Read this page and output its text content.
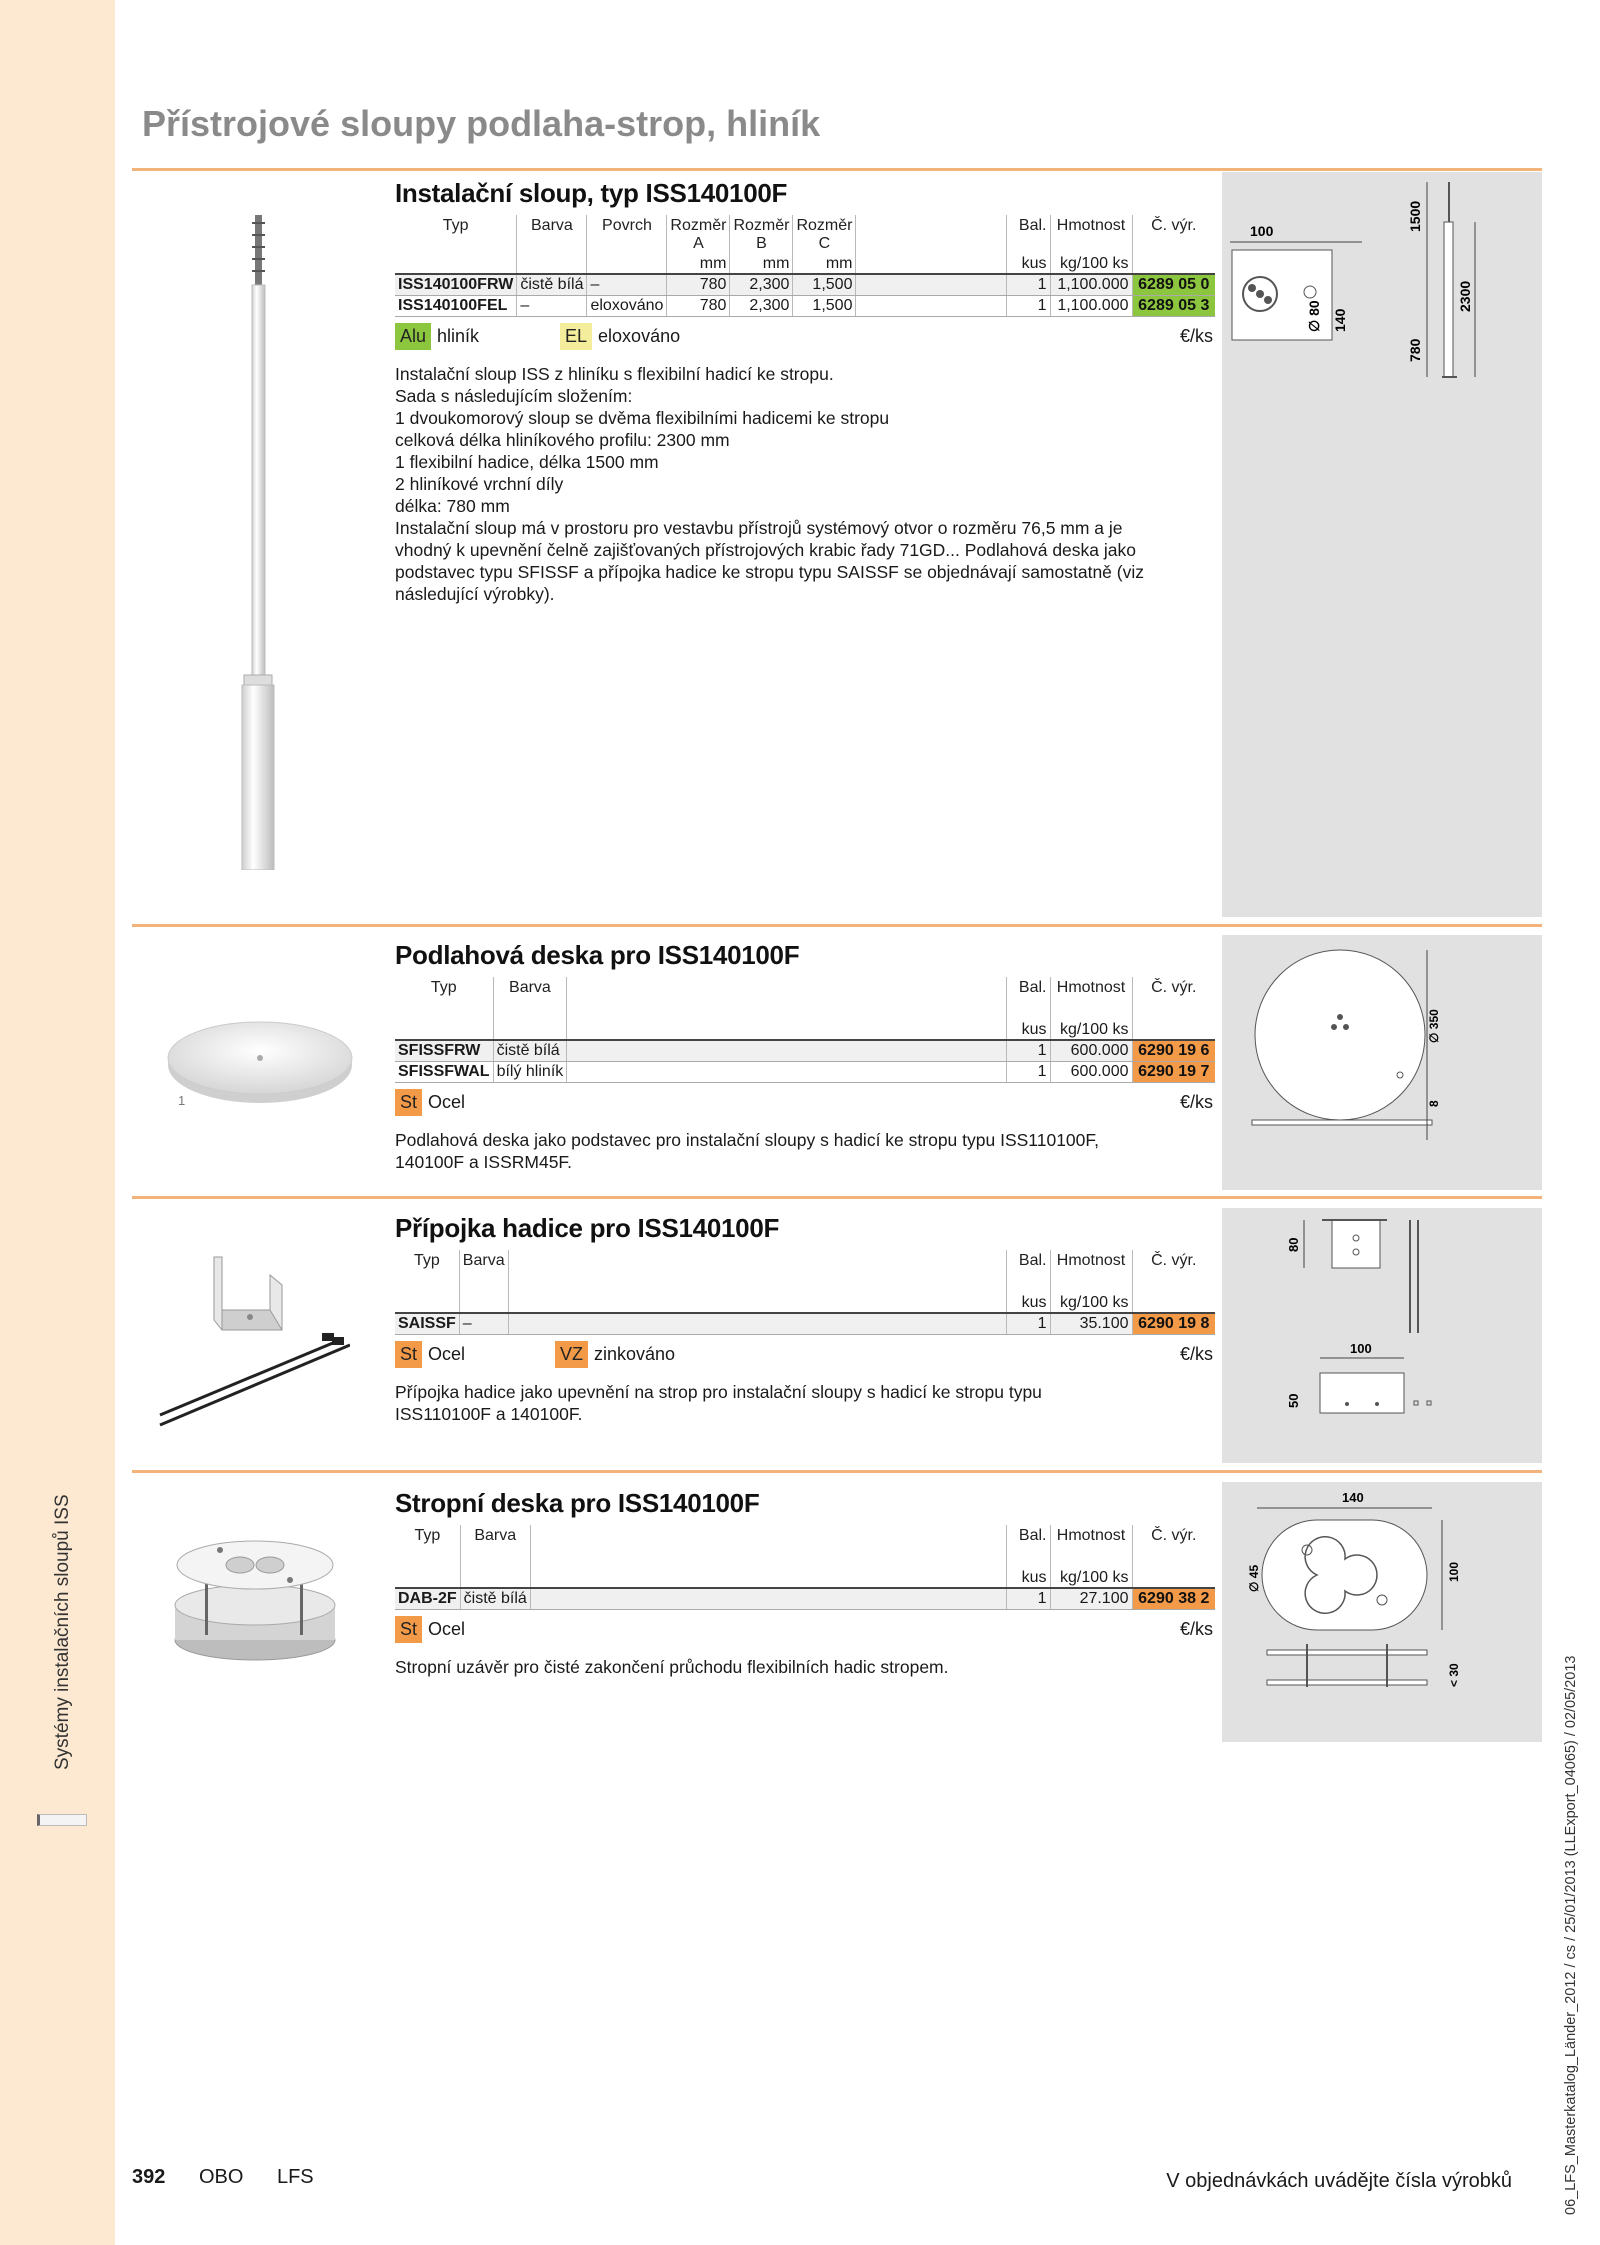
Systémy instalačních sloupů ISS
06_LFS_Masterkatalog_Länder_2012 / cs / 25/01/2013 (LLExport_04065) / 02/05/2013
Přístrojové sloupy podlaha-strop, hliník
1
Instalační sloup, typ ISS140100F
Typ	Barva	Povrch	Rozměr A	Rozměr B	Rozměr C		Bal.	Hmotnost	Č. výr.
			mm	mm	mm		kus	kg/100 ks	
ISS140100FRW	čistě bílá	–	780	2,300	1,500		1	1,100.000	6289 05 0
ISS140100FEL	–	eloxováno	780	2,300	1,500		1	1,100.000	6289 05 3
Alu hliník	EL eloxováno	€/ks
Instalační sloup ISS z hliníku s flexibilní hadicí ke stropu.
Sada s následujícím složením:
1 dvoukomorový sloup se dvěma flexibilními hadicemi ke stropu
celková délka hliníkového profilu: 2300 mm
1 flexibilní hadice, délka 1500 mm
2 hliníkové vrchní díly
délka: 780 mm
Instalační sloup má v prostoru pro vestavbu přístrojů systémový otvor o rozměru 76,5 mm a je
vhodný k upevnění čelně zajišťovaných přístrojových krabic řady 71GD... Podlahová deska jako
podstavec typu SFISSF a přípojka hadice ke stropu typu SAISSF se objednávají samostatně (viz
následující výrobky).
100
∅ 80 140
1500
2300
780
Podlahová deska pro ISS140100F
Typ	Barva		Bal.	Hmotnost	Č. výr.
			kus	kg/100 ks	
SFISSFRW	čistě bílá		1	600.000	6290 19 6
SFISSFWAL	bílý hliník		1	600.000	6290 19 7
St Ocel	€/ks
Podlahová deska jako podstavec pro instalační sloupy s hadicí ke stropu typu ISS110100F,
140100F a ISSRM45F.
∅ 350
8
Přípojka hadice pro ISS140100F
Typ	Barva		Bal.	Hmotnost	Č. výr.
			kus	kg/100 ks	
SAISSF	–		1	35.100	6290 19 8
St Ocel	VZ zinkováno	€/ks
Přípojka hadice jako upevnění na strop pro instalační sloupy s hadicí ke stropu typu
ISS110100F a 140100F.
80
100
50
Stropní deska pro ISS140100F
Typ	Barva		Bal.	Hmotnost	Č. výr.
			kus	kg/100 ks	
DAB-2F	čistě bílá		1	27.100	6290 38 2
St Ocel	€/ks
Stropní uzávěr pro čisté zakončení průchodu flexibilních hadic stropem.
140
∅ 45	100
< 30
392 OBO LFS	V objednávkách uvádějte čísla výrobků
